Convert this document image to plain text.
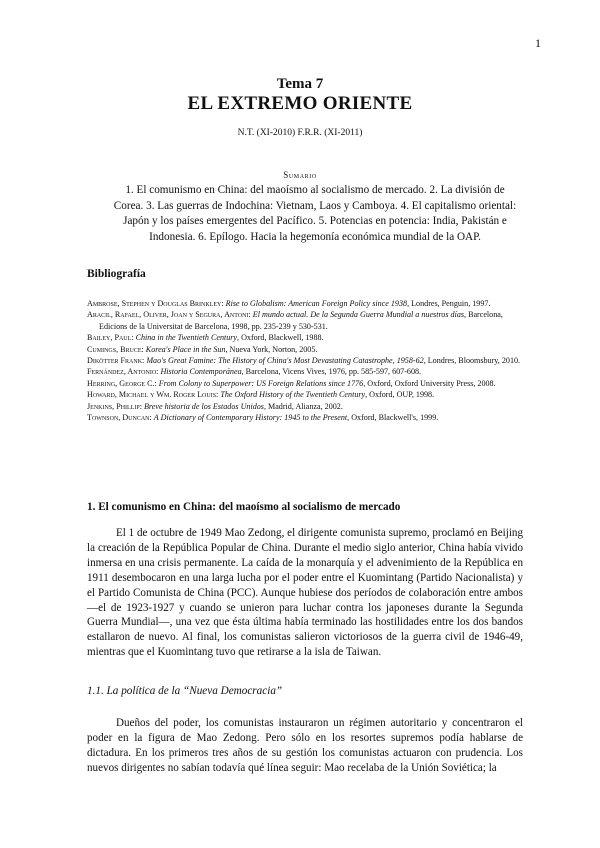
1
Tema 7
EL EXTREMO ORIENTE
N.T. (XI-2010) F.R.R. (XI-2011)
Sumario
1. El comunismo en China: del maoísmo al socialismo de mercado. 2. La división de Corea. 3. Las guerras de Indochina: Vietnam, Laos y Camboya. 4. El capitalismo oriental: Japón y los países emergentes del Pacífico. 5. Potencias en potencia: India, Pakistán e Indonesia. 6. Epílogo. Hacia la hegemonía económica mundial de la OAP.
Bibliografía
Ambrose, Stephen y Douglas Brinkley: Rise to Globalism: American Foreign Policy since 1938, Londres, Penguin, 1997.
Aracil, Rafael, Oliver, Joan y Segura, Antoni: El mundo actual. De la Segunda Guerra Mundial a nuestros días, Barcelona, Edicions de la Universitat de Barcelona, 1998, pp. 235-239 y 530-531.
Bailey, Paul: China in the Twentieth Century, Oxford, Blackwell, 1988.
Cumings, Bruce: Korea's Place in the Sun, Nueva York, Norton, 2005.
Dikötter Frank: Mao's Great Famine: The History of China's Most Devastating Catastrophe, 1958-62, Londres, Bloomsbury, 2010.
Fernández, Antonio: Historia Contemporánea, Barcelona, Vicens Vives, 1976, pp. 585-597, 607-608.
Herring, George C.: From Colony to Superpower: US Foreign Relations since 1776, Oxford, Oxford University Press, 2008.
Howard, Michael y Wm. Roger Louis: The Oxford History of the Twentieth Century, Oxford, OUP, 1998.
Jenkins, Phillip: Breve historia de los Estados Unidos, Madrid, Alianza, 2002.
Townson, Duncan: A Dictionary of Contemporary History: 1945 to the Present, Oxford, Blackwell's, 1999.
1. El comunismo en China: del maoísmo al socialismo de mercado

El 1 de octubre de 1949 Mao Zedong, el dirigente comunista supremo, proclamó en Beijing la creación de la República Popular de China. Durante el medio siglo anterior, China había vivido inmersa en una crisis permanente. La caída de la monarquía y el advenimiento de la República en 1911 desembocaron en una larga lucha por el poder entre el Kuomintang (Partido Nacionalista) y el Partido Comunista de China (PCC). Aunque hubiese dos períodos de colaboración entre ambos —el de 1923-1927 y cuando se unieron para luchar contra los japoneses durante la Segunda Guerra Mundial—, una vez que ésta última había terminado las hostilidades entre los dos bandos estallaron de nuevo. Al final, los comunistas salieron victoriosos de la guerra civil de 1946-49, mientras que el Kuomintang tuvo que retirarse a la isla de Taiwan.

1.1. La política de la “Nueva Democracia”

Dueños del poder, los comunistas instauraron un régimen autoritario y concentraron el poder en la figura de Mao Zedong. Pero sólo en los resortes supremos podía hablarse de dictadura. En los primeros tres años de su gestión los comunistas actuaron con prudencia. Los nuevos dirigentes no sabían todavía qué línea seguir: Mao recelaba de la Unión Soviética; la
